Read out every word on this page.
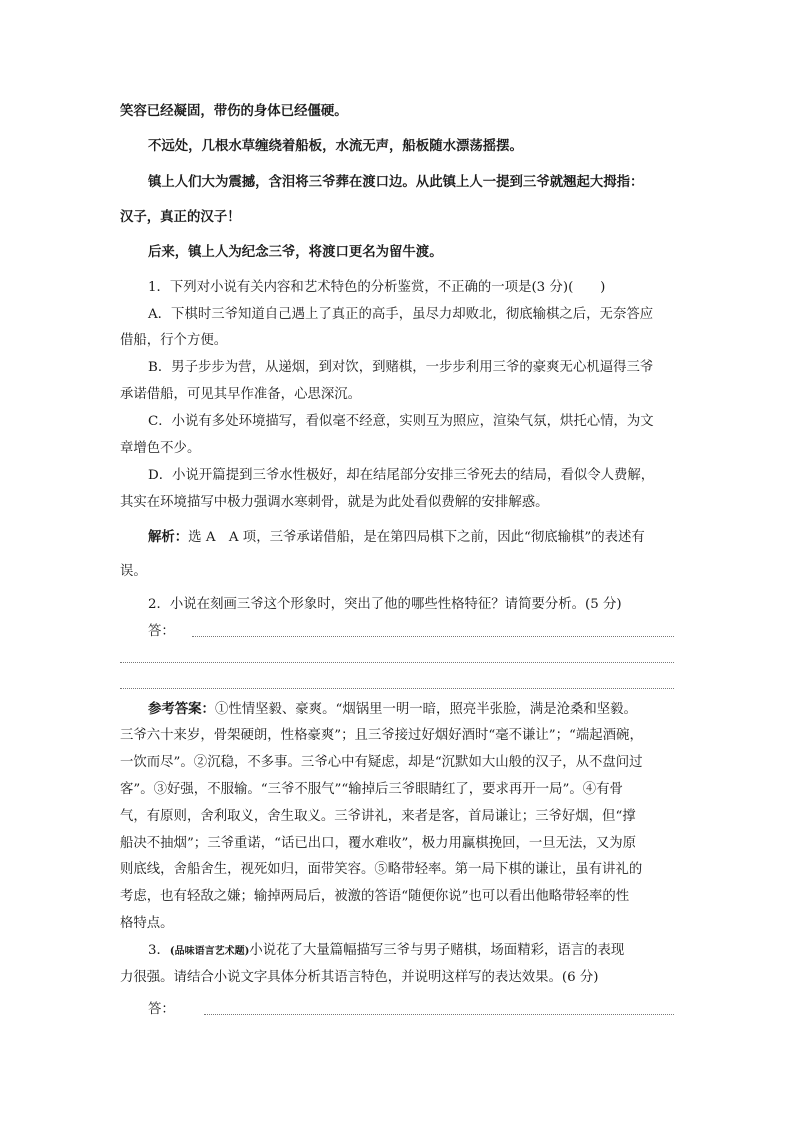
笑容已经凝固，带伤的身体已经僵硬。
不远处，几根水草缠绕着船板，水流无声，船板随水漂荡摇摆。
镇上人们大为震撼，含泪将三爷葬在渡口边。从此镇上人一提到三爷就翘起大拇指：
汉子，真正的汉子！
后来，镇上人为纪念三爷，将渡口更名为留牛渡。
1．下列对小说有关内容和艺术特色的分析鉴赏，不正确的一项是(3 分)(　　)
A．下棋时三爷知道自己遇上了真正的高手，虽尽力却败北，彻底输棋之后，无奈答应
借船，行个方便。
B．男子步步为营，从递烟，到对饮，到赌棋，一步步利用三爷的豪爽无心机逼得三爷
承诺借船，可见其早作准备，心思深沉。
C．小说有多处环境描写，看似毫不经意，实则互为照应，渲染气氛，烘托心情，为文
章增色不少。
D．小说开篇提到三爷水性极好，却在结尾部分安排三爷死去的结局，看似令人费解，
其实在环境描写中极力强调水寒刺骨，就是为此处看似费解的安排解惑。
解析：选 A　A 项，三爷承诺借船，是在第四局棋下之前，因此“彻底输棋”的表述有
误。
2．小说在刻画三爷这个形象时，突出了他的哪些性格特征？请简要分析。(5 分)
答：
参考答案：①性情坚毅、豪爽。“烟锅里一明一暗，照亮半张脸，满是沧桑和坚毅。
三爷六十来岁，骨架硬朗，性格豪爽”；且三爷接过好烟好酒时“毫不谦让”；“端起酒碗，
一饮而尽”。②沉稳，不多事。三爷心中有疑虑，却是“沉默如大山般的汉子，从不盘问过
客”。③好强，不服输。“三爷不服气”“输掉后三爷眼睛红了，要求再开一局”。④有骨
气，有原则，舍利取义，舍生取义。三爷讲礼，来者是客，首局谦让；三爷好烟，但“撑
船决不抽烟”；三爷重诺，“话已出口，覆水难收”，极力用赢棋挽回，一旦无法，又为原
则底线，舍船舍生，视死如归，面带笑容。⑤略带轻率。第一局下棋的谦让，虽有讲礼的
考虑，也有轻敌之嫌；输掉两局后，被激的答语“随便你说”也可以看出他略带轻率的性
格特点。
3．(品味语言艺术题)小说花了大量篇幅描写三爷与男子赌棋，场面精彩，语言的表现
力很强。请结合小说文字具体分析其语言特色，并说明这样写的表达效果。(6 分)
答：
